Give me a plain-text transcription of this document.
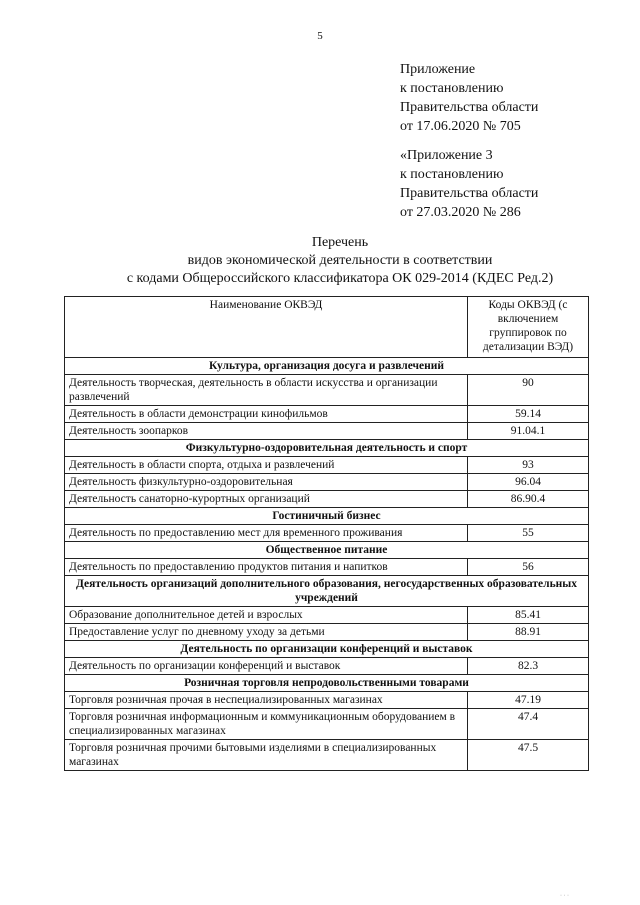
5
Приложение
к постановлению
Правительства области
от 17.06.2020 № 705
«Приложение 3
к постановлению
Правительства области
от 27.03.2020 № 286
Перечень
видов экономической деятельности в соответствии
с кодами Общероссийского классификатора ОК 029-2014 (КДЕС Ред.2)
Наименование ОКВЭД	Коды ОКВЭД (с включением группировок по детализации ВЭД)
Культура, организация досуга и развлечений	
Деятельность творческая, деятельность в области искусства и организации развлечений	90
Деятельность в области демонстрации кинофильмов	59.14
Деятельность зоопарков	91.04.1
Физкультурно-оздоровительная деятельность и спорт	
Деятельность в области спорта, отдыха и развлечений	93
Деятельность физкультурно-оздоровительная	96.04
Деятельность санаторно-курортных организаций	86.90.4
Гостиничный бизнес	
Деятельность по предоставлению мест для временного проживания	55
Общественное питание	
Деятельность по предоставлению продуктов питания и напитков	56
Деятельность организаций дополнительного образования, негосударственных образовательных учреждений	
Образование дополнительное детей и взрослых	85.41
Предоставление услуг по дневному уходу за детьми	88.91
Деятельность по организации конференций и выставок	
Деятельность по организации конференций и выставок	82.3
Розничная торговля непродовольственными товарами	
Торговля розничная прочая в неспециализированных магазинах	47.19
Торговля розничная информационным и коммуникационным оборудованием в специализированных магазинах	47.4
Торговля розничная прочими бытовыми изделиями в специализированных магазинах	47.5
· · ·
